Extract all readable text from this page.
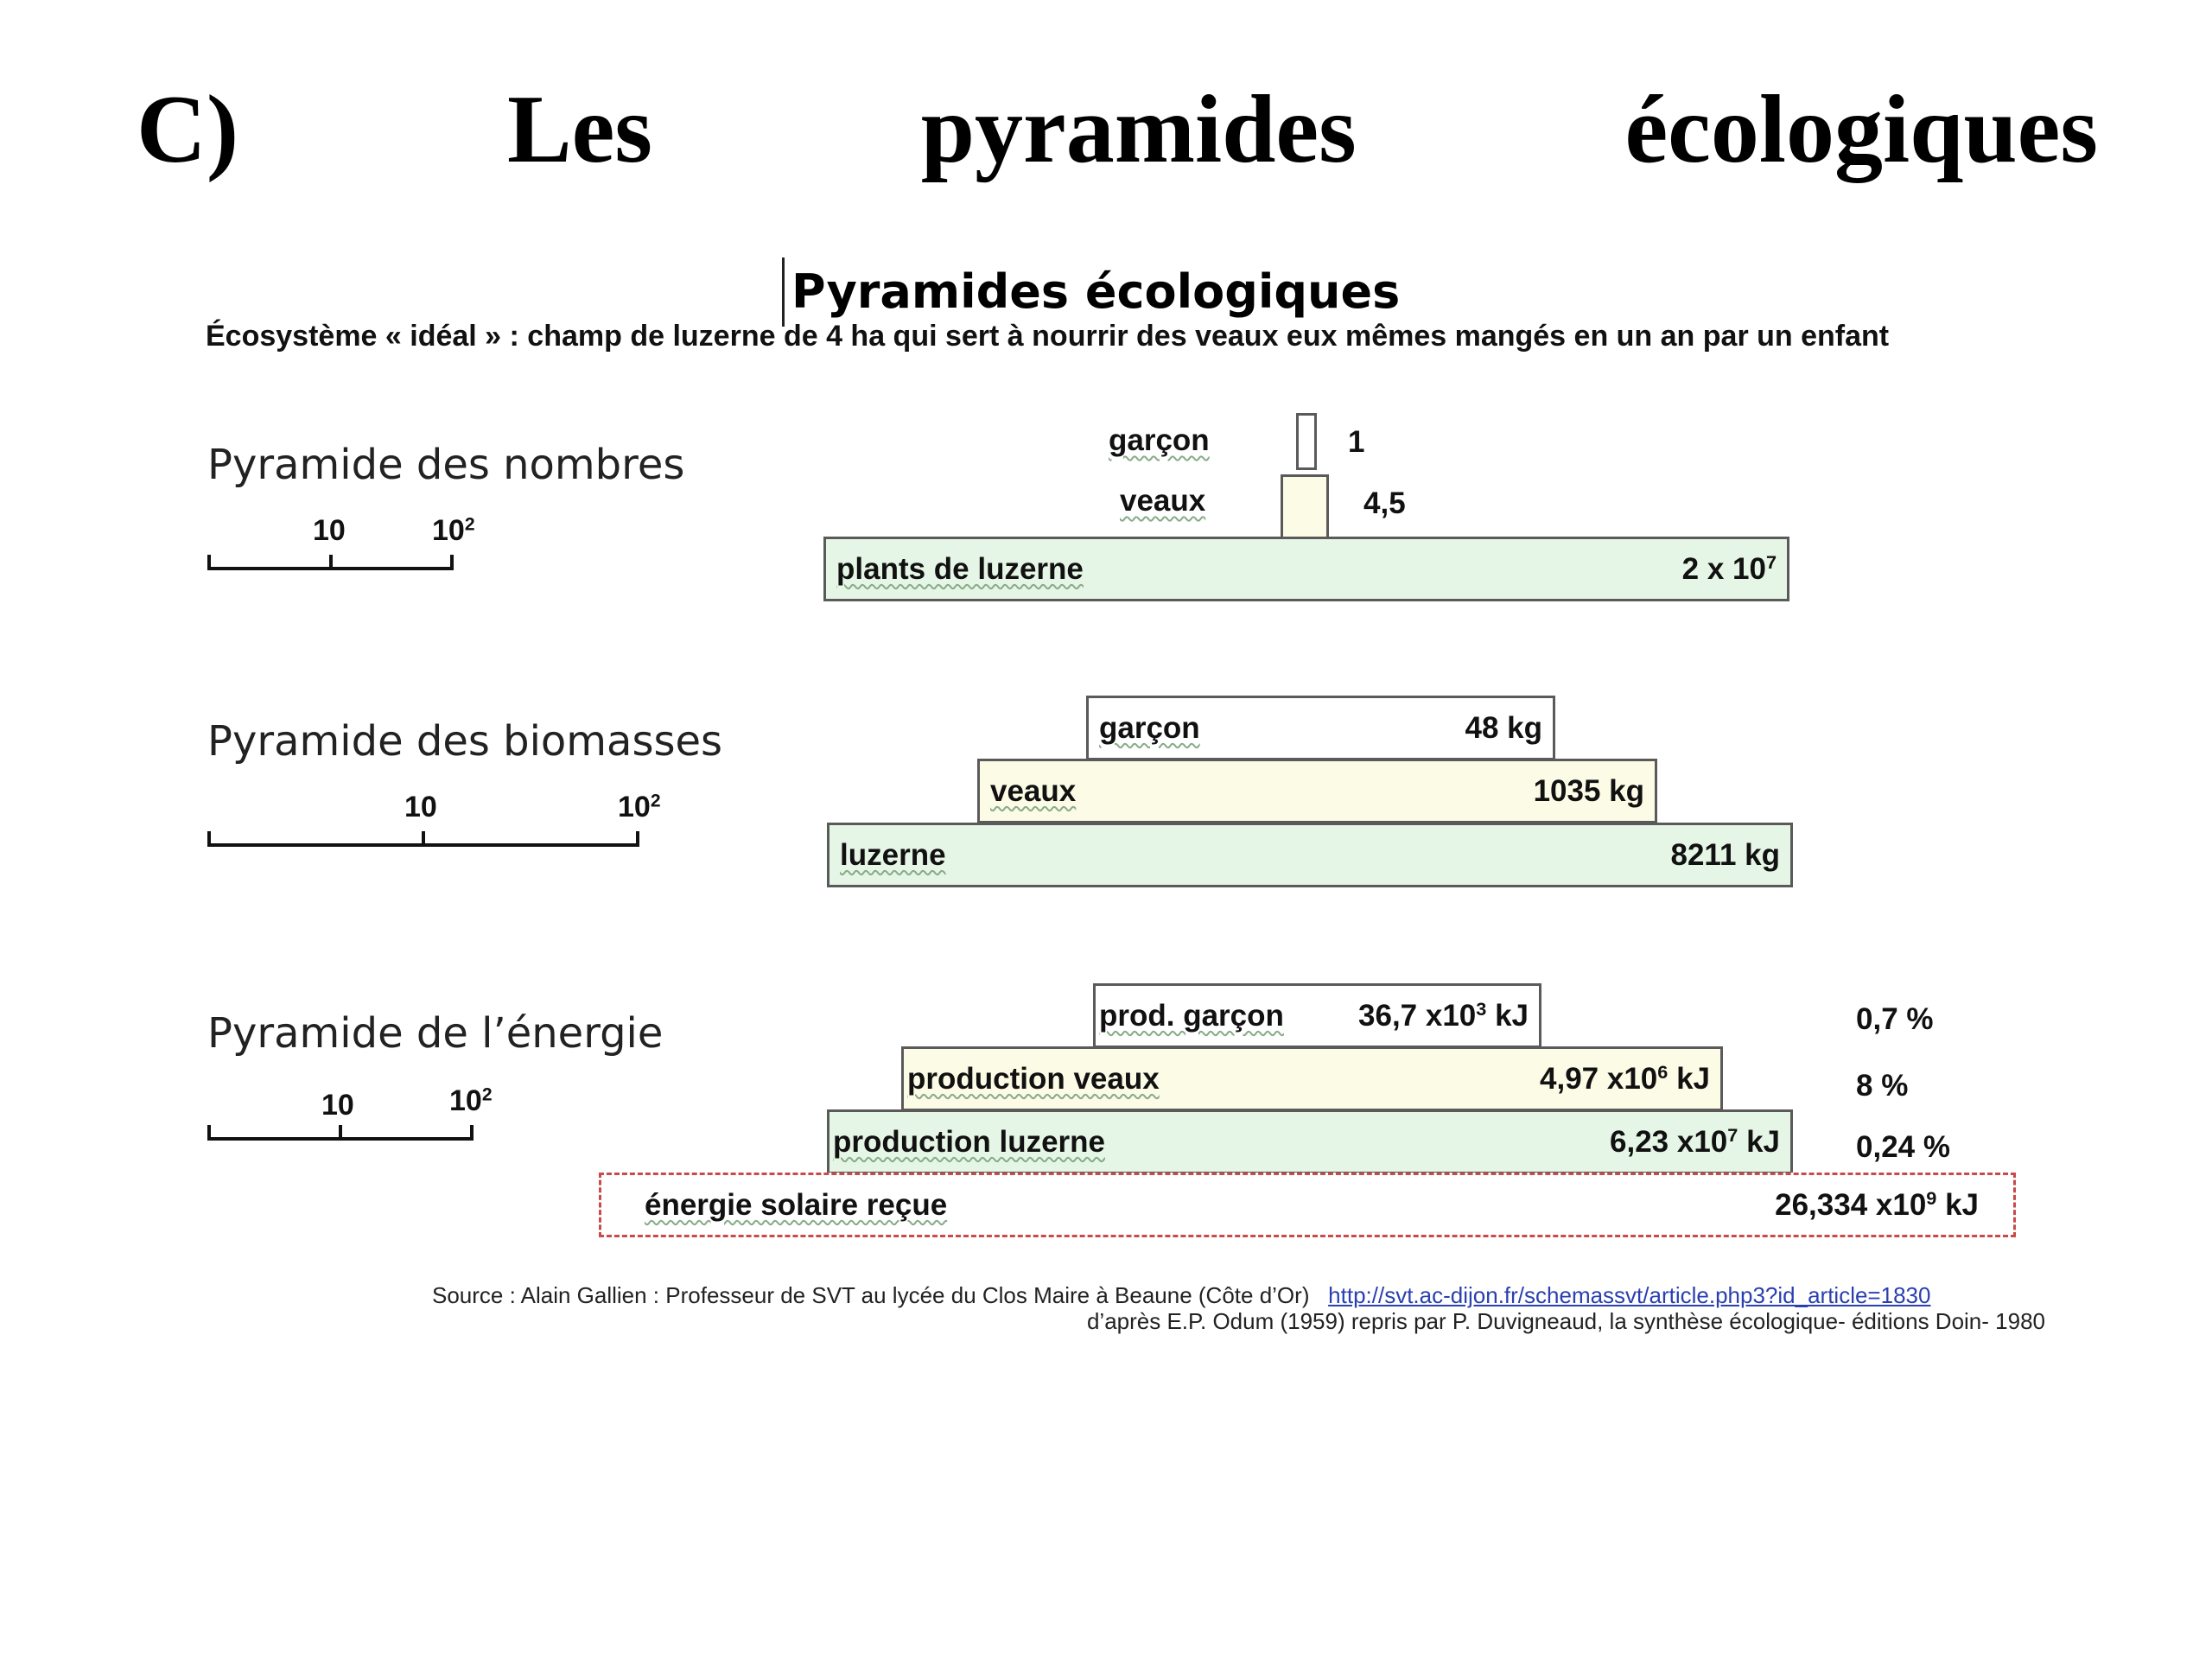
C)	Les	pyramides	écologiques
Pyramides écologiques
Écosystème « idéal » : champ de luzerne de 4 ha qui sert à nourrir des veaux eux mêmes mangés en un an par un enfant
Pyramide des nombres
10	$10^2$
garçon	1
veaux	4,5
plants de luzerne	2 x $10^7$
Pyramide des biomasses
10	$10^2$
garçon	48 kg
veaux	1035 kg
luzerne	8211 kg
Pyramide de l’énergie
10	$10^2$
prod. garçon 36,7 $x10^3$ kJ	0,7 %
production veaux	4,97 $x10^6$ kJ	8 %
production luzerne	6,23 $x10^7$ kJ	0,24 %
énergie solaire reçue	26,334 $x10^9$ kJ
Source : Alain Gallien : Professeur de SVT au lycée du Clos Maire à Beaune (Côte d’Or) http://svt.ac-dijon.fr/schemassvt/article.php3?id_article=1830
d’après E.P. Odum (1959) repris par P. Duvigneaud, la synthèse écologique- éditions Doin- 1980
